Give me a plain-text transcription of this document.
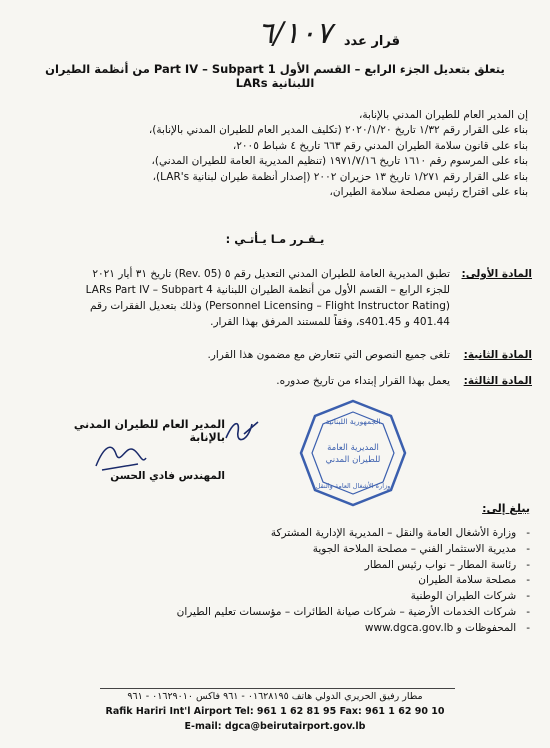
قرار عدد
٦/١٠٧
يتعلق بتعديل الجزء الرابع – القسم الأول Part IV – Subpart 1 من أنظمة الطيران اللبنانية LARs
إن المدير العام للطيران المدني بالإنابة،
بناء على القرار رقم ١/٣٢ تاريخ ٢٠٢٠/١/٢٠ (تكليف المدير العام للطيران المدني بالإنابة)،
بناء على قانون سلامة الطيران المدني رقم ٦٦٣ تاريخ ٤ شباط ٢٠٠٥،
بناء على المرسوم رقم ١٦١٠ تاريخ ١٩٧١/٧/١٦ (تنظيم المديرية العامة للطيران المدني)،
بناء على القرار رقم ١/٢٧١ تاريخ ١٣ حزيران ٢٠٠٢ (إصدار أنظمة طيران لبنانية LAR's)،
بناء على اقتراح رئيس مصلحة سلامة الطيران،
يـقـرر مـا يـأتـي :
المادة الأولى:
تطبق المديرية العامة للطيران المدني التعديل رقم ٥ (Rev. 05) تاريخ ٣١ أيار ٢٠٢١
للجزء الرابع – القسم الأول من أنظمة الطيران اللبنانية LARs Part IV – Subpart 4
(Personnel Licensing – Flight Instructor Rating) وذلك بتعديل الفقرات رقم
401.44 و s401.45، وفقاً للمستند المرفق بهذا القرار.
المادة الثانية:
تلغى جميع النصوص التي تتعارض مع مضمون هذا القرار.
المادة الثالثة:
يعمل بهذا القرار إبتداء من تاريخ صدوره.
المدير العام للطيران المدني بالإنابة
المهندس فادي الحسن
الجمهورية اللبنانية
المديرية العامة
للطيران المدني
وزارة الأشغال العامة والنقل
يبلغ إلى:
- وزارة الأشغال العامة والنقل – المديرية الإدارية المشتركة
- مديرية الاستثمار الفني – مصلحة الملاحة الجوية
- رئاسة المطار – نواب رئيس المطار
- مصلحة سلامة الطيران
- شركات الطيران الوطنية
- شركات الخدمات الأرضية – شركات صيانة الطائرات – مؤسسات تعليم الطيران
- المحفوظات و www.dgca.gov.lb
مطار رفيق الحريري الدولي هاتف ٠١٦٢٨١٩٥ - ٩٦١ فاكس ٠١٦٢٩٠١٠ - ٩٦١
Rafik Hariri Int'l Airport Tel: 961 1 62 81 95 Fax: 961 1 62 90 10
E-mail: dgca@beirutairport.gov.lb
